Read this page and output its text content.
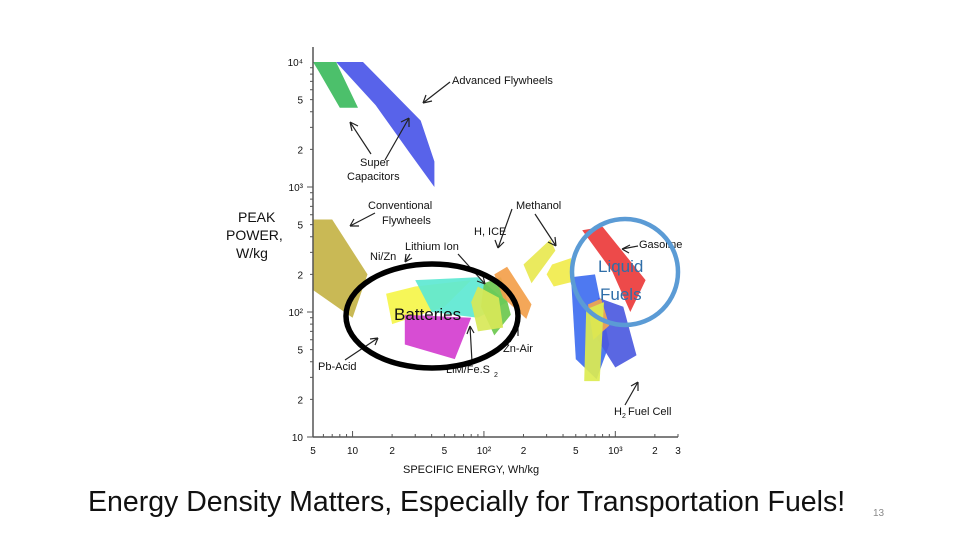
10
2
5
10²
2
5
10³
2
5
10⁴
5	10	2	5	10²	2	5	10³	2 3
PEAK
POWER,
W/kg
SPECIFIC ENERGY, Wh/kg
Advanced Flywheels
Super
Capacitors
Conventional
Flywheels
H, ICE
Methanol
Lithium Ion
Ni/Zn
Gasoline
Zn-Air
Pb-Acid	LiM/Fe.S
H Fuel Cell
2
2
Batteries
Liquid
Fuels
Energy Density Matters, Especially for Transportation Fuels!	13
